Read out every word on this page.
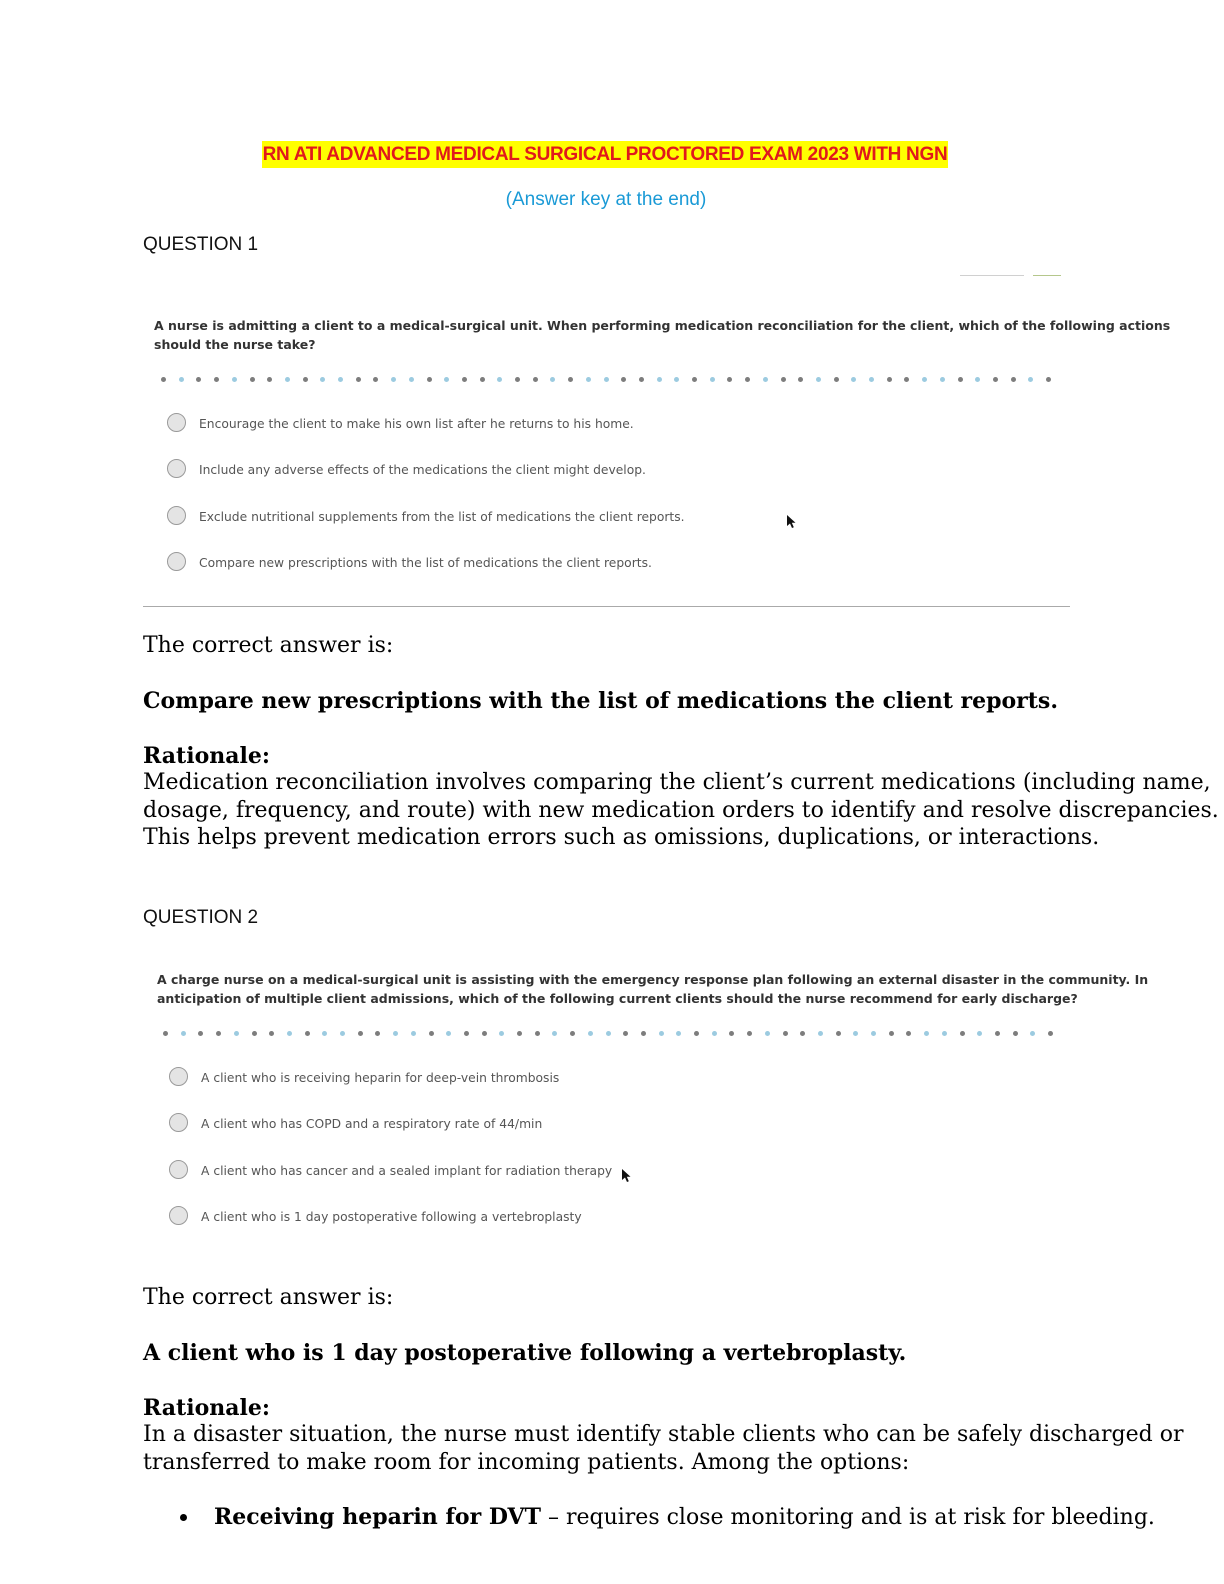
RN ATI ADVANCED MEDICAL SURGICAL PROCTORED EXAM 2023 WITH NGN
(Answer key at the end)
QUESTION 1
A nurse is admitting a client to a medical-surgical unit. When performing medication reconciliation for the client, which of the following actions
should the nurse take?
Encourage the client to make his own list after he returns to his home.
Include any adverse effects of the medications the client might develop.
Exclude nutritional supplements from the list of medications the client reports.
Compare new prescriptions with the list of medications the client reports.
The correct answer is:
Compare new prescriptions with the list of medications the client reports.
Rationale:
Medication reconciliation involves comparing the client’s current medications (including name,
dosage, frequency, and route) with new medication orders to identify and resolve discrepancies.
This helps prevent medication errors such as omissions, duplications, or interactions.
QUESTION 2
A charge nurse on a medical-surgical unit is assisting with the emergency response plan following an external disaster in the community. In
anticipation of multiple client admissions, which of the following current clients should the nurse recommend for early discharge?
A client who is receiving heparin for deep-vein thrombosis
A client who has COPD and a respiratory rate of 44/min
A client who has cancer and a sealed implant for radiation therapy
A client who is 1 day postoperative following a vertebroplasty
The correct answer is:
A client who is 1 day postoperative following a vertebroplasty.
Rationale:
In a disaster situation, the nurse must identify stable clients who can be safely discharged or
transferred to make room for incoming patients. Among the options:
Receiving heparin for DVT – requires close monitoring and is at risk for bleeding.
